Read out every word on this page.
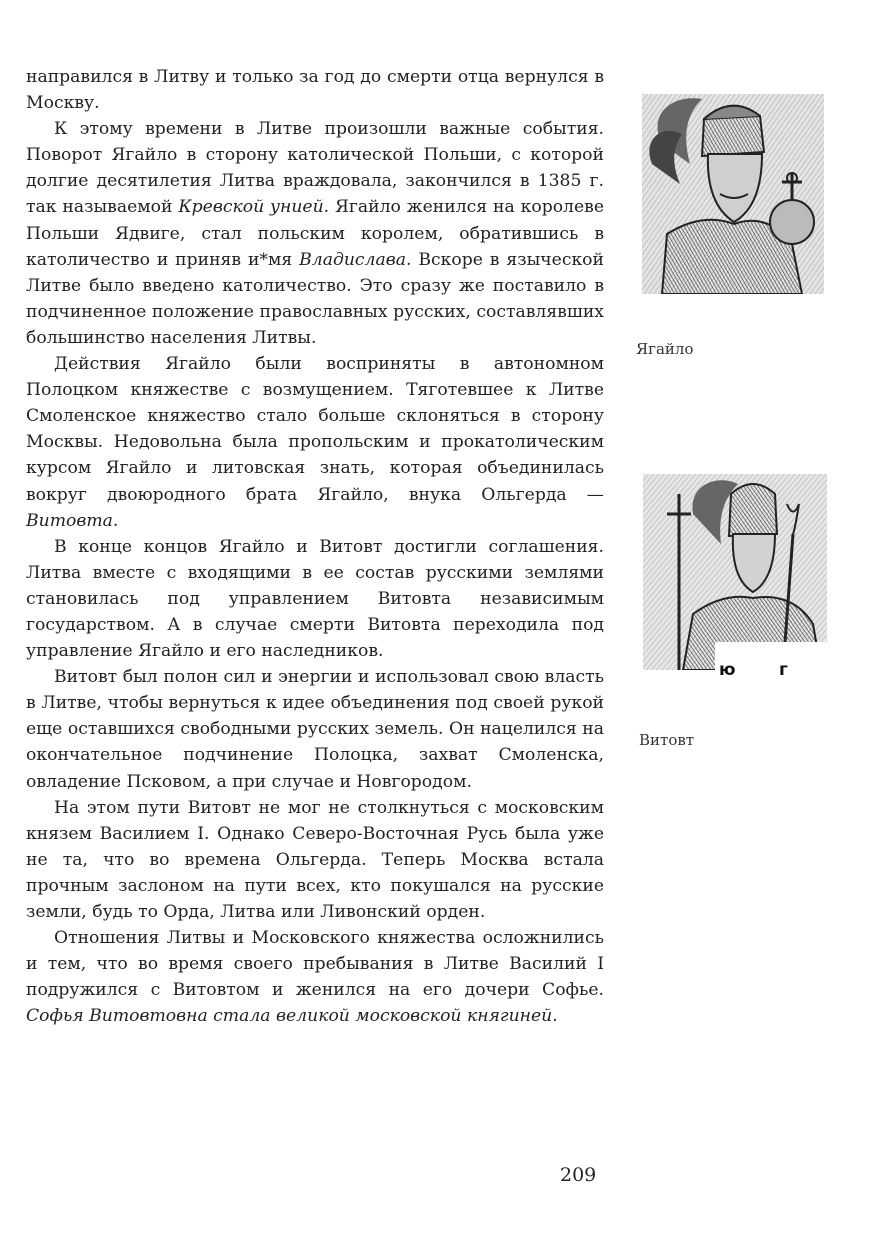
направился в Литву и только за год до смерти отца вернулся в Москву.

К этому времени в Литве произошли важные события. Поворот Ягайло в сторону католической Польши, с которой долгие десятилетия Литва враждовала, закончился в 1385 г. так называемой Кревской унией. Ягайло женился на королеве Польши Ядвиге, стал польским королем, обратившись в католичество и приняв и*мя Владислава. Вскоре в языческой Литве было введено католичество. Это сразу же поставило в подчиненное положение православных русских, составлявших большинство населения Литвы.

Действия Ягайло были восприняты в автономном Полоцком княжестве с возмущением. Тяготевшее к Литве Смоленское княжество стало больше склоняться в сторону Москвы. Недовольна была пропольским и прокатолическим курсом Ягайло и литовская знать, которая объединилась вокруг двоюродного брата Ягайло, внука Ольгерда — Витовта.

В конце концов Ягайло и Витовт достигли соглашения. Литва вместе с входящими в ее состав русскими землями становилась под управлением Витовта независимым государством. А в случае смерти Витовта переходила под управление Ягайло и его наследников.

Витовт был полон сил и энергии и использовал свою власть в Литве, чтобы вернуться к идее объединения под своей рукой еще оставшихся свободными русских земель. Он нацелился на окончательное подчинение Полоцка, захват Смоленска, овладение Псковом, а при случае и Новгородом.

На этом пути Витовт не мог не столкнуться с московским князем Василием I. Однако Северо-Восточная Русь была уже не та, что во времена Ольгерда. Теперь Москва встала прочным заслоном на пути всех, кто покушался на русские земли, будь то Орда, Литва или Ливонский орден.

Отношения Литвы и Московского княжества осложнились и тем, что во время своего пребывания в Литве Василий I подружился с Витовтом и женился на его дочери Софье. Софья Витовтовна стала великой московской княгиней.

Ягайло
ю	г
Витовт
209
